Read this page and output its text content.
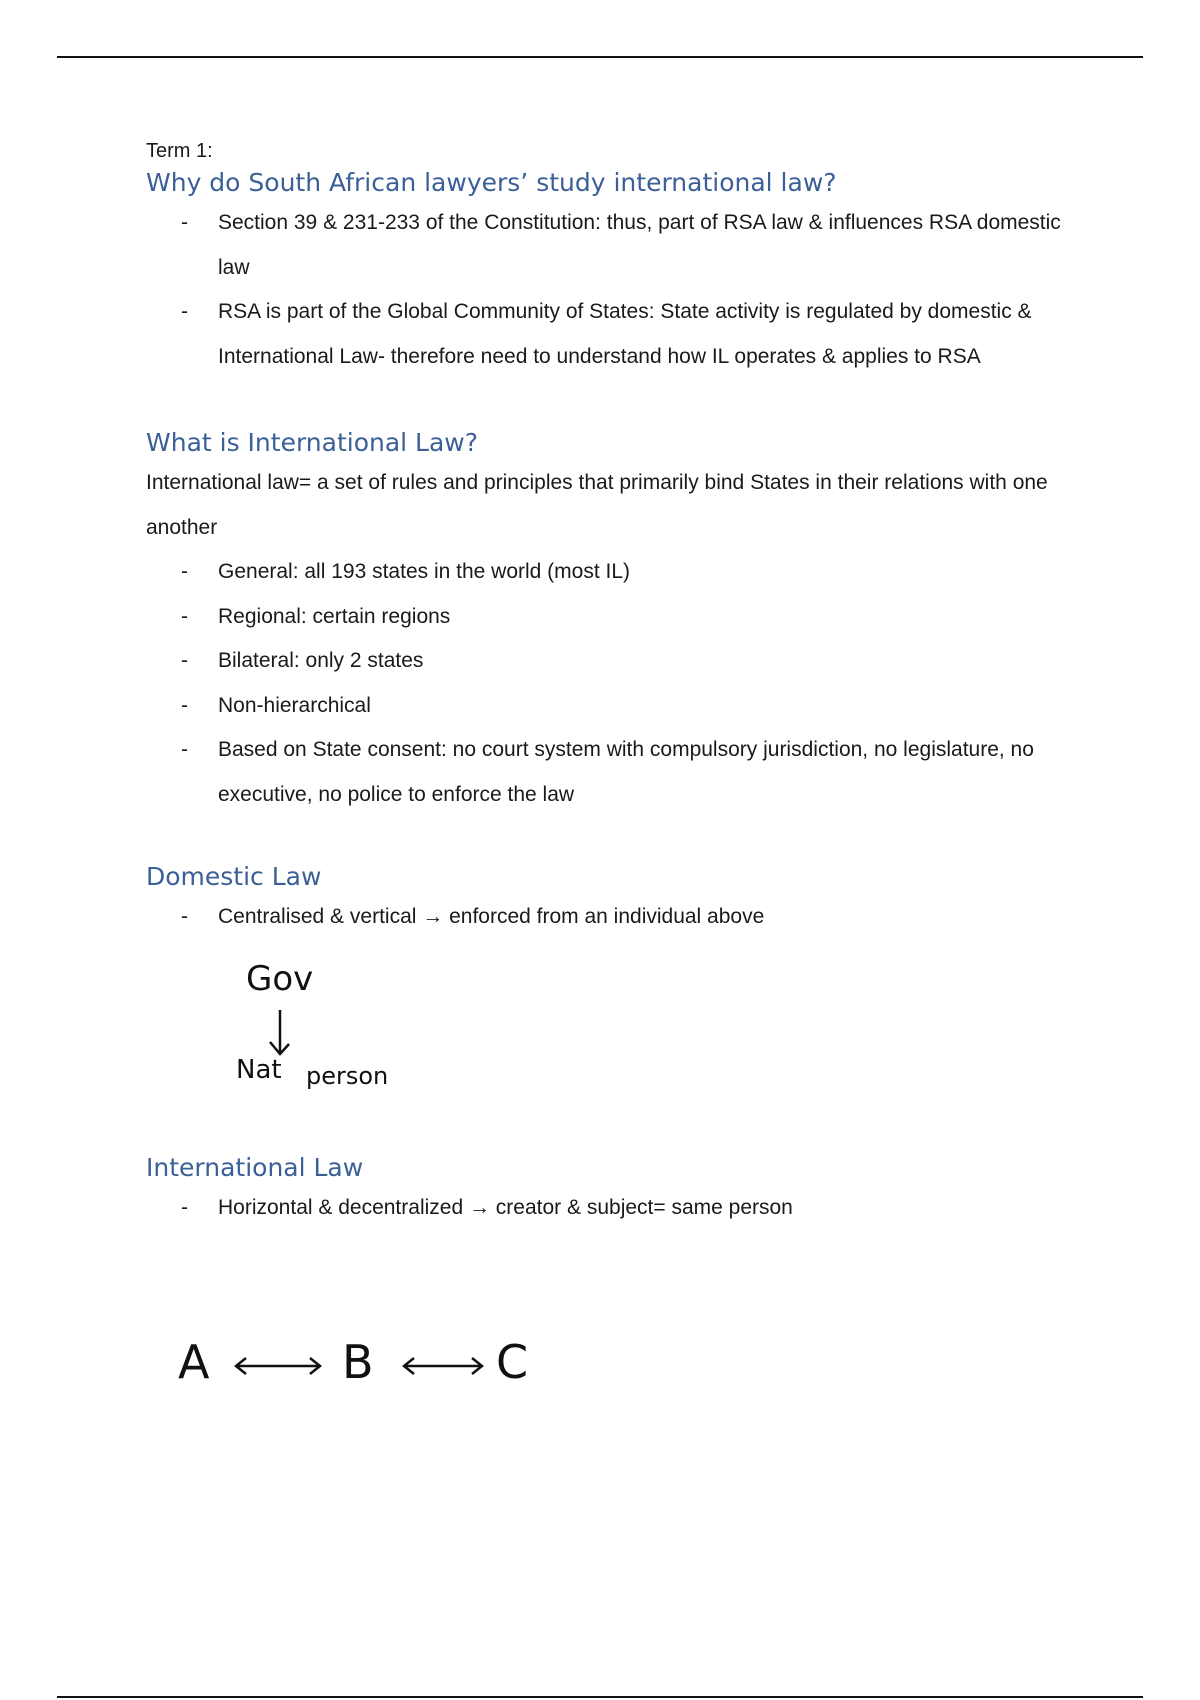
Term 1:
Why do South African lawyers’ study international law?
- Section 39 & 231-233 of the Constitution: thus, part of RSA law & influences RSA domestic law
- RSA is part of the Global Community of States: State activity is regulated by domestic & International Law- therefore need to understand how IL operates & applies to RSA
What is International Law?

International law= a set of rules and principles that primarily bind States in their relations with one another

- General: all 193 states in the world (most IL)
- Regional: certain regions
- Bilateral: only 2 states
- Non-hierarchical
- Based on State consent: no court system with compulsory jurisdiction, no legislature, no executive, no police to enforce the law
Domestic Law
- Centralised & vertical → enforced from an individual above
Gov
Nat person
International Law
- Horizontal & decentralized → creator & subject= same person
A	B	C
